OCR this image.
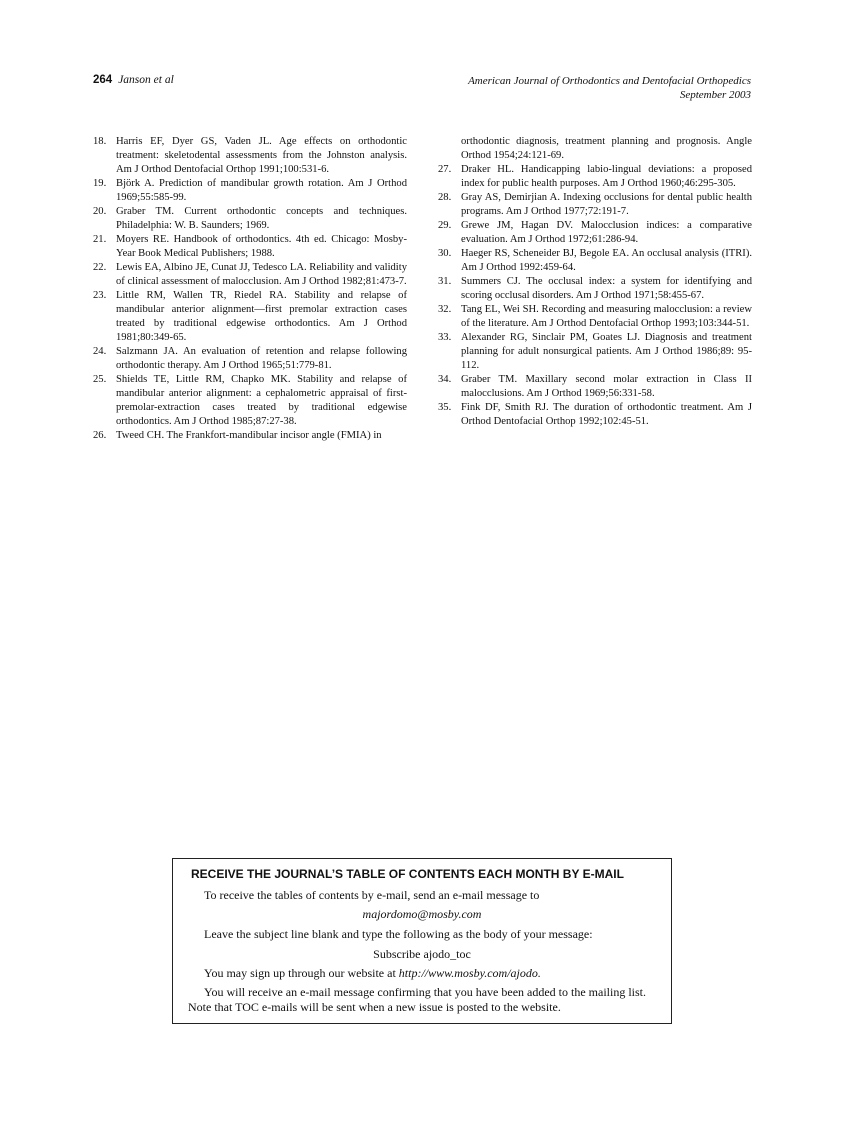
264 Janson et al	American Journal of Orthodontics and Dentofacial Orthopedics
September 2003
18. Harris EF, Dyer GS, Vaden JL. Age effects on orthodontic treatment: skeletodental assessments from the Johnston analysis. Am J Orthod Dentofacial Orthop 1991;100:531-6.
19. Björk A. Prediction of mandibular growth rotation. Am J Orthod 1969;55:585-99.
20. Graber TM. Current orthodontic concepts and techniques. Philadelphia: W. B. Saunders; 1969.
21. Moyers RE. Handbook of orthodontics. 4th ed. Chicago: Mosby-Year Book Medical Publishers; 1988.
22. Lewis EA, Albino JE, Cunat JJ, Tedesco LA. Reliability and validity of clinical assessment of malocclusion. Am J Orthod 1982;81:473-7.
23. Little RM, Wallen TR, Riedel RA. Stability and relapse of mandibular anterior alignment—first premolar extraction cases treated by traditional edgewise orthodontics. Am J Orthod 1981;80:349-65.
24. Salzmann JA. An evaluation of retention and relapse following orthodontic therapy. Am J Orthod 1965;51:779-81.
25. Shields TE, Little RM, Chapko MK. Stability and relapse of mandibular anterior alignment: a cephalometric appraisal of first-premolar-extraction cases treated by traditional edgewise orthodontics. Am J Orthod 1985;87:27-38.
26. Tweed CH. The Frankfort-mandibular incisor angle (FMIA) in
orthodontic diagnosis, treatment planning and prognosis. Angle Orthod 1954;24:121-69.
27. Draker HL. Handicapping labio-lingual deviations: a proposed index for public health purposes. Am J Orthod 1960;46:295-305.
28. Gray AS, Demirjian A. Indexing occlusions for dental public health programs. Am J Orthod 1977;72:191-7.
29. Grewe JM, Hagan DV. Malocclusion indices: a comparative evaluation. Am J Orthod 1972;61:286-94.
30. Haeger RS, Scheneider BJ, Begole EA. An occlusal analysis (ITRI). Am J Orthod 1992:459-64.
31. Summers CJ. The occlusal index: a system for identifying and scoring occlusal disorders. Am J Orthod 1971;58:455-67.
32. Tang EL, Wei SH. Recording and measuring malocclusion: a review of the literature. Am J Orthod Dentofacial Orthop 1993;103:344-51.
33. Alexander RG, Sinclair PM, Goates LJ. Diagnosis and treatment planning for adult nonsurgical patients. Am J Orthod 1986;89: 95-112.
34. Graber TM. Maxillary second molar extraction in Class II malocclusions. Am J Orthod 1969;56:331-58.
35. Fink DF, Smith RJ. The duration of orthodontic treatment. Am J Orthod Dentofacial Orthop 1992;102:45-51.
RECEIVE THE JOURNAL’S TABLE OF CONTENTS EACH MONTH BY E-MAIL
To receive the tables of contents by e-mail, send an e-mail message to
majordomo@mosby.com
Leave the subject line blank and type the following as the body of your message:
Subscribe ajodo_toc
You may sign up through our website at http://www.mosby.com/ajodo.
You will receive an e-mail message confirming that you have been added to the mailing list. Note that TOC e-mails will be sent when a new issue is posted to the website.
